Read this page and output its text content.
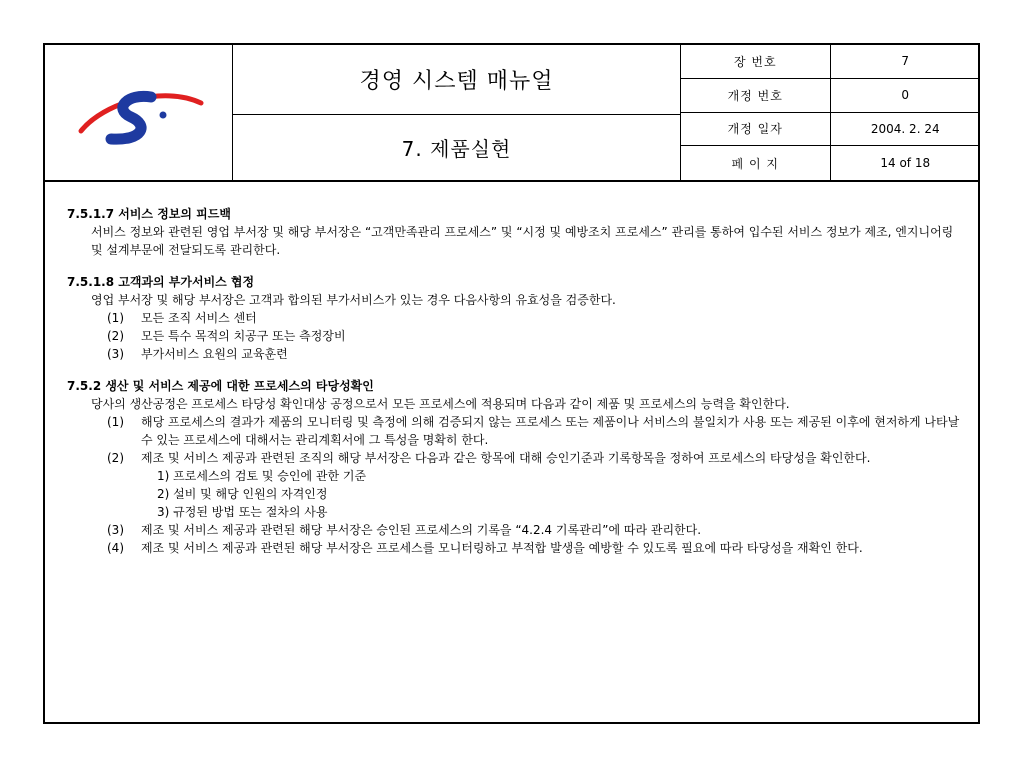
경영 시스템 매뉴얼
7. 제품실현
장 번호	7
개정 번호	0
개정 일자	2004. 2. 24
페 이 지	14 of 18
7.5.1.7 서비스 정보의 피드백
서비스 정보와 관련된 영업 부서장 및 해당 부서장은 “고객만족관리 프로세스” 및 “시정 및 예방조치 프로세스” 관리를 통하여 입수된 서비스 정보가 제조, 엔지니어링 및 설계부문에 전달되도록 관리한다.
7.5.1.8 고객과의 부가서비스 협정
영업 부서장 및 해당 부서장은 고객과 합의된 부가서비스가 있는 경우 다음사항의 유효성을 검증한다.
(1)	모든 조직 서비스 센터
(2)	모든 특수 목적의 치공구 또는 측정장비
(3)	부가서비스 요원의 교육훈련
7.5.2 생산 및 서비스 제공에 대한 프로세스의 타당성확인
당사의 생산공정은 프로세스 타당성 확인대상 공정으로서 모든 프로세스에 적용되며 다음과 같이 제품 및 프로세스의 능력을 확인한다.
(1)	해당 프로세스의 결과가 제품의 모니터링 및 측정에 의해 검증되지 않는 프로세스 또는 제품이나 서비스의 불일치가 사용 또는 제공된 이후에 현저하게 나타날 수 있는 프로세스에 대해서는 관리계획서에 그 특성을 명확히 한다.
(2)	제조 및 서비스 제공과 관련된 조직의 해당 부서장은 다음과 같은 항목에 대해 승인기준과 기록항목을 정하여 프로세스의 타당성을 확인한다.
1) 프로세스의 검토 및 승인에 관한 기준
2) 설비 및 해당 인원의 자격인정
3) 규정된 방법 또는 절차의 사용
(3)	제조 및 서비스 제공과 관련된 해당 부서장은 승인된 프로세스의 기록을 “4.2.4 기록관리”에 따라 관리한다.
(4)	제조 및 서비스 제공과 관련된 해당 부서장은 프로세스를 모니터링하고 부적합 발생을 예방할 수 있도록 필요에 따라 타당성을 재확인 한다.
